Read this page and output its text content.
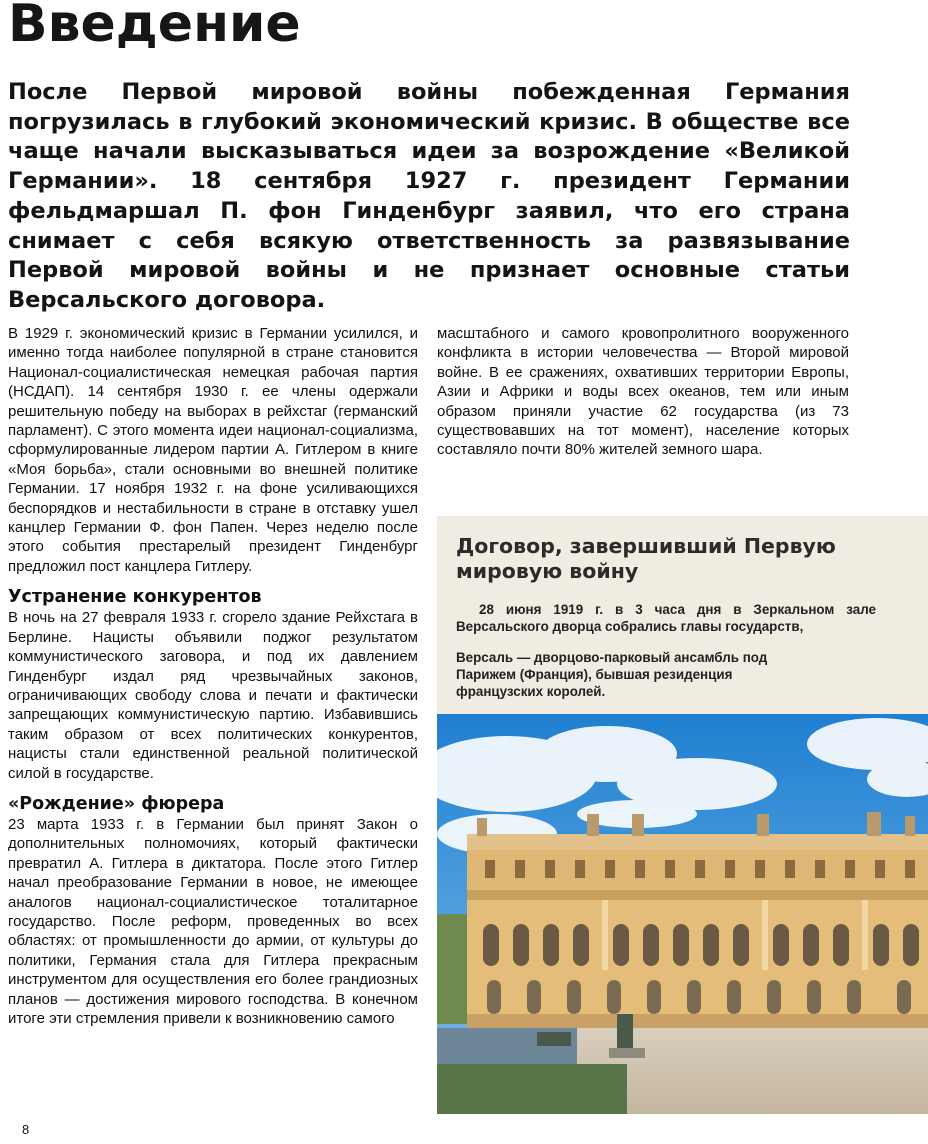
Введение

После Первой мировой войны побежденная Германия погрузилась в глубокий экономический кризис. В обществе все чаще начали высказываться идеи за возрождение «Великой Германии». 18 сентября 1927 г. президент Германии фельдмаршал П. фон Гинденбург заявил, что его страна снимает с себя всякую ответственность за развязывание Первой мировой войны и не признает основные статьи Версальского договора.

В 1929 г. экономический кризис в Германии усилился, и именно тогда наиболее популярной в стране становится Национал-социалистическая немецкая рабочая партия (НСДАП). 14 сентября 1930 г. ее члены одержали решительную победу на выборах в рейхстаг (германский парламент). С этого момента идеи национал-социализма, сформулированные лидером партии А. Гитлером в книге «Моя борьба», стали основными во внешней политике Германии. 17 ноября 1932 г. на фоне усиливающихся беспорядков и нестабильности в стране в отставку ушел канцлер Германии Ф. фон Папен. Через неделю после этого события престарелый президент Гинденбург предложил пост канцлера Гитлеру.

Устранение конкурентов

В ночь на 27 февраля 1933 г. сгорело здание Рейхстага в Берлине. Нацисты объявили поджог результатом коммунистического заговора, и под их давлением Гинденбург издал ряд чрезвычайных законов, ограничивающих свободу слова и печати и фактически запрещающих коммунистическую партию. Избавившись таким образом от всех политических конкурентов, нацисты стали единственной реальной политической силой в государстве.

«Рождение» фюрера

23 марта 1933 г. в Германии был принят Закон о дополнительных полномочиях, который фактически превратил А. Гитлера в диктатора. После этого Гитлер начал преобразование Германии в новое, не имеющее аналогов национал-социалистическое тоталитарное государство. После реформ, проведенных во всех областях: от промышленности до армии, от культуры до политики, Германия стала для Гитлера прекрасным инструментом для осуществления его более грандиозных планов — достижения мирового господства. В конечном итоге эти стремления привели к возникновению самого

масштабного и самого кровопролитного вооруженного конфликта в истории человечества — Второй мировой войне. В ее сражениях, охвативших территории Европы, Азии и Африки и воды всех океанов, тем или иным образом приняли участие 62 государства (из 73 существовавших на тот момент), население которых составляло почти 80% жителей земного шара.

Договор, завершивший Первую мировую войну

28 июня 1919 г. в 3 часа дня в Зеркальном зале Версальского дворца собрались главы государств,

Версаль — дворцово-парковый ансамбль под Парижем (Франция), бывшая резиденция французских королей.

8
